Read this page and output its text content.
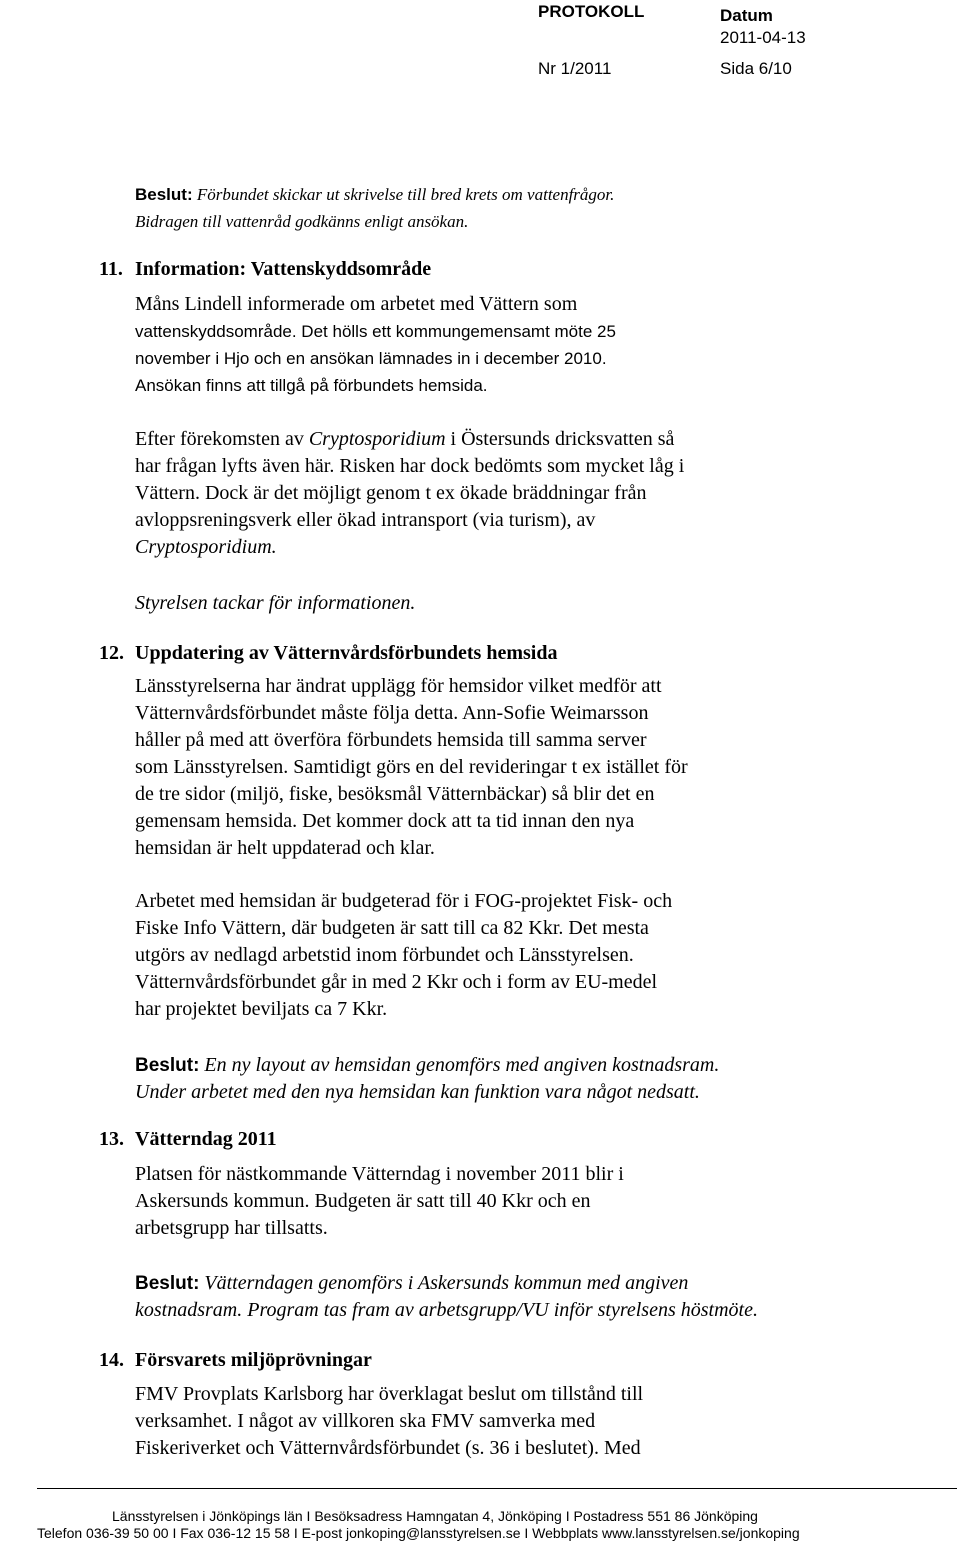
PROTOKOLL	Datum
2011-04-13
Nr 1/2011	Sida 6/10
Beslut: Förbundet skickar ut skrivelse till bred krets om vattenfrågor.
Bidragen till vattenråd godkänns enligt ansökan.
11. Information: Vattenskyddsområde
Måns Lindell informerade om arbetet med Vättern som
vattenskyddsområde. Det hölls ett kommungemensamt möte 25
november i Hjo och en ansökan lämnades in i december 2010.
Ansökan finns att tillgå på förbundets hemsida.
Efter förekomsten av Cryptosporidium i Östersunds dricksvatten så
har frågan lyfts även här. Risken har dock bedömts som mycket låg i
Vättern. Dock är det möjligt genom t ex ökade bräddningar från
avloppsreningsverk eller ökad intransport (via turism), av
Cryptosporidium.
Styrelsen tackar för informationen.
12. Uppdatering av Vätternvårdsförbundets hemsida
Länsstyrelserna har ändrat upplägg för hemsidor vilket medför att
Vätternvårdsförbundet måste följa detta. Ann-Sofie Weimarsson
håller på med att överföra förbundets hemsida till samma server
som Länsstyrelsen. Samtidigt görs en del revideringar t ex istället för
de tre sidor (miljö, fiske, besöksmål Vätternbäckar) så blir det en
gemensam hemsida. Det kommer dock att ta tid innan den nya
hemsidan är helt uppdaterad och klar.
Arbetet med hemsidan är budgeterad för i FOG-projektet Fisk- och
Fiske Info Vättern, där budgeten är satt till ca 82 Kkr. Det mesta
utgörs av nedlagd arbetstid inom förbundet och Länsstyrelsen.
Vätternvårdsförbundet går in med 2 Kkr och i form av EU-medel
har projektet beviljats ca 7 Kkr.
Beslut: En ny layout av hemsidan genomförs med angiven kostnadsram.
Under arbetet med den nya hemsidan kan funktion vara något nedsatt.
13. Vätterndag 2011
Platsen för nästkommande Vätterndag i november 2011 blir i
Askersunds kommun. Budgeten är satt till 40 Kkr och en
arbetsgrupp har tillsatts.
Beslut: Vätterndagen genomförs i Askersunds kommun med angiven
kostnadsram. Program tas fram av arbetsgrupp/VU inför styrelsens höstmöte.
14. Försvarets miljöprövningar
FMV Provplats Karlsborg har överklagat beslut om tillstånd till
verksamhet. I något av villkoren ska FMV samverka med
Fiskeriverket och Vätternvårdsförbundet (s. 36 i beslutet). Med
Länsstyrelsen i Jönköpings län I Besöksadress Hamngatan 4, Jönköping I Postadress 551 86 Jönköping
Telefon 036-39 50 00 I Fax 036-12 15 58 I E-post jonkoping@lansstyrelsen.se I Webbplats www.lansstyrelsen.se/jonkoping
